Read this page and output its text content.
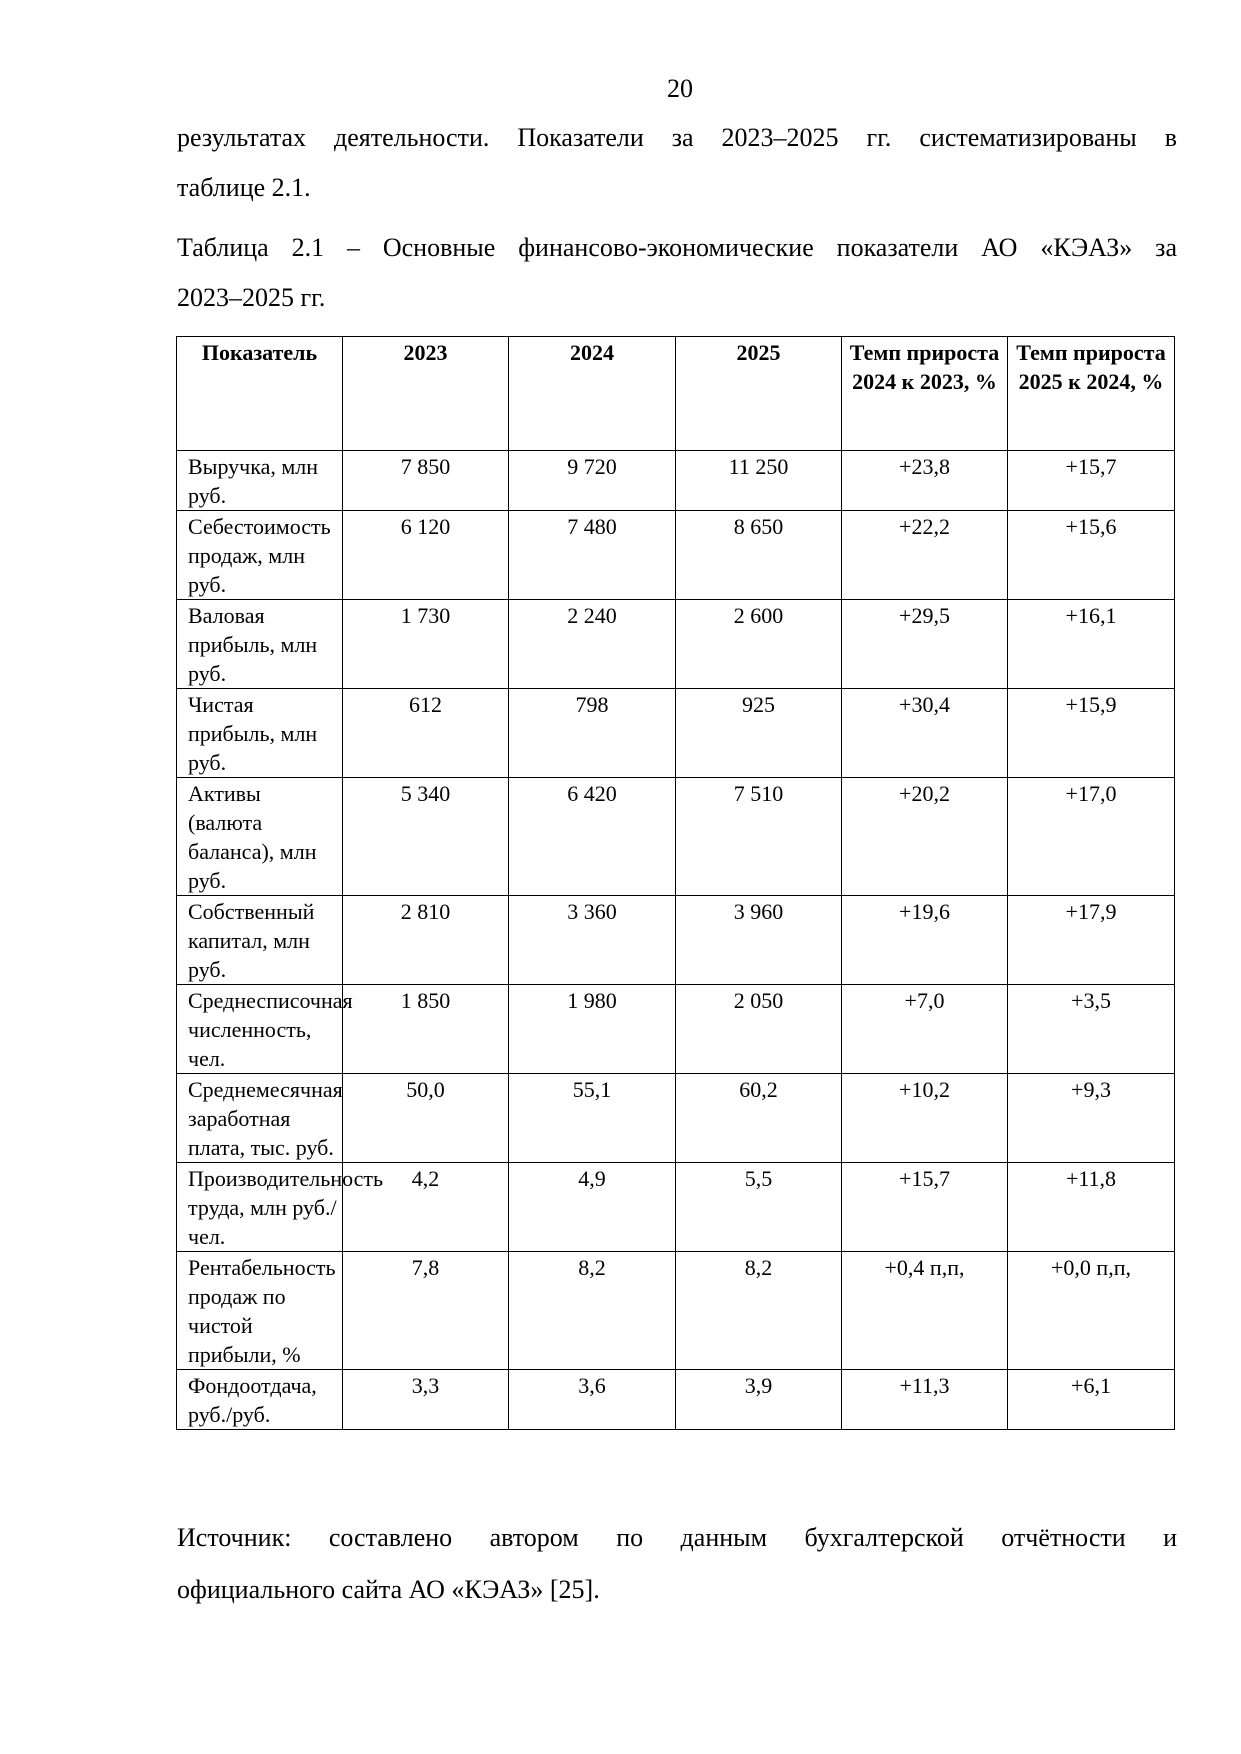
20
результатах деятельности. Показатели за 2023–2025 гг. систематизированы в
таблице 2.1.
Таблица 2.1 – Основные финансово-экономические показатели АО «КЭАЗ» за
2023–2025 гг.
Показатель	2023	2024	2025	Темп прироста 2024 к 2023, %	Темп прироста 2025 к 2024, %
Выручка, млн руб.	7 850	9 720	11 250	+23,8	+15,7
Себестоимость продаж, млн руб.	6 120	7 480	8 650	+22,2	+15,6
Валовая прибыль, млн руб.	1 730	2 240	2 600	+29,5	+16,1
Чистая прибыль, млн руб.	612	798	925	+30,4	+15,9
Активы (валюта баланса), млн руб.	5 340	6 420	7 510	+20,2	+17,0
Собственный капитал, млн руб.	2 810	3 360	3 960	+19,6	+17,9
Среднесписочная численность, чел.	1 850	1 980	2 050	+7,0	+3,5
Среднемесячная заработная плата, тыс. руб.	50,0	55,1	60,2	+10,2	+9,3
Производительность труда, млн руб./чел.	4,2	4,9	5,5	+15,7	+11,8
Рентабельность продаж по чистой прибыли, %	7,8	8,2	8,2	+0,4 п,п,	+0,0 п,п,
Фондоотдача, руб./руб.	3,3	3,6	3,9	+11,3	+6,1
Источник: составлено автором по данным бухгалтерской отчётности и
официального сайта АО «КЭАЗ» [25].
